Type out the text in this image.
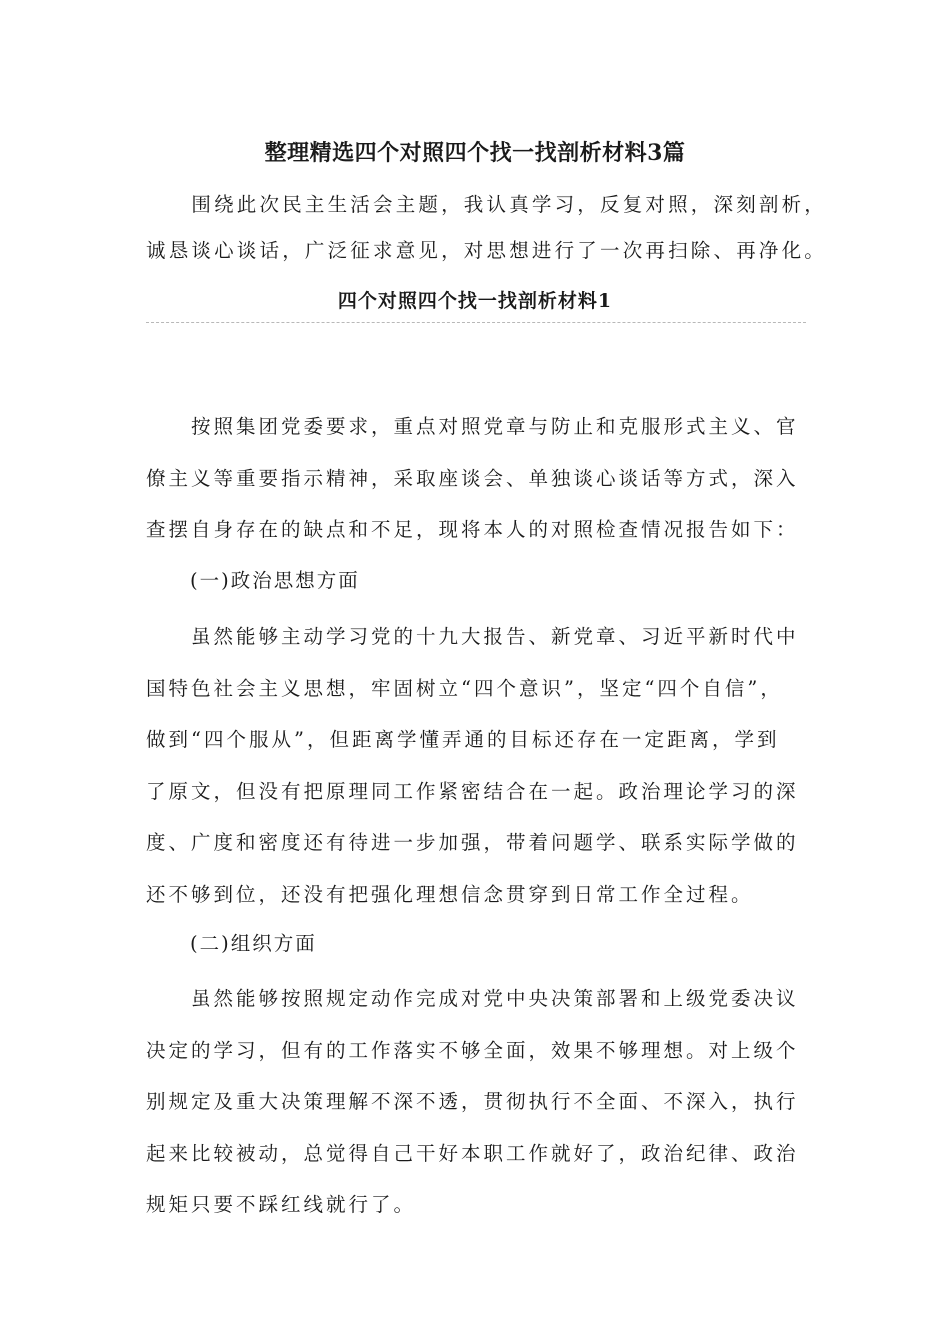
整理精选四个对照四个找一找剖析材料3篇

　　围绕此次民主生活会主题，我认真学习，反复对照，深刻剖析，
诚恳谈心谈话，广泛征求意见，对思想进行了一次再扫除、再净化。

四个对照四个找一找剖析材料1

　　按照集团党委要求，重点对照党章与防止和克服形式主义、官
僚主义等重要指示精神，采取座谈会、单独谈心谈话等方式，深入
查摆自身存在的缺点和不足，现将本人的对照检查情况报告如下：

(一)政治思想方面

　　虽然能够主动学习党的十九大报告、新党章、习近平新时代中
国特色社会主义思想，牢固树立“四个意识”，坚定“四个自信”，
做到“四个服从”，但距离学懂弄通的目标还存在一定距离，学到
了原文，但没有把原理同工作紧密结合在一起。政治理论学习的深
度、广度和密度还有待进一步加强，带着问题学、联系实际学做的
还不够到位，还没有把强化理想信念贯穿到日常工作全过程。

(二)组织方面

　　虽然能够按照规定动作完成对党中央决策部署和上级党委决议
决定的学习，但有的工作落实不够全面，效果不够理想。对上级个
别规定及重大决策理解不深不透，贯彻执行不全面、不深入，执行
起来比较被动，总觉得自己干好本职工作就好了，政治纪律、政治
规矩只要不踩红线就行了。
